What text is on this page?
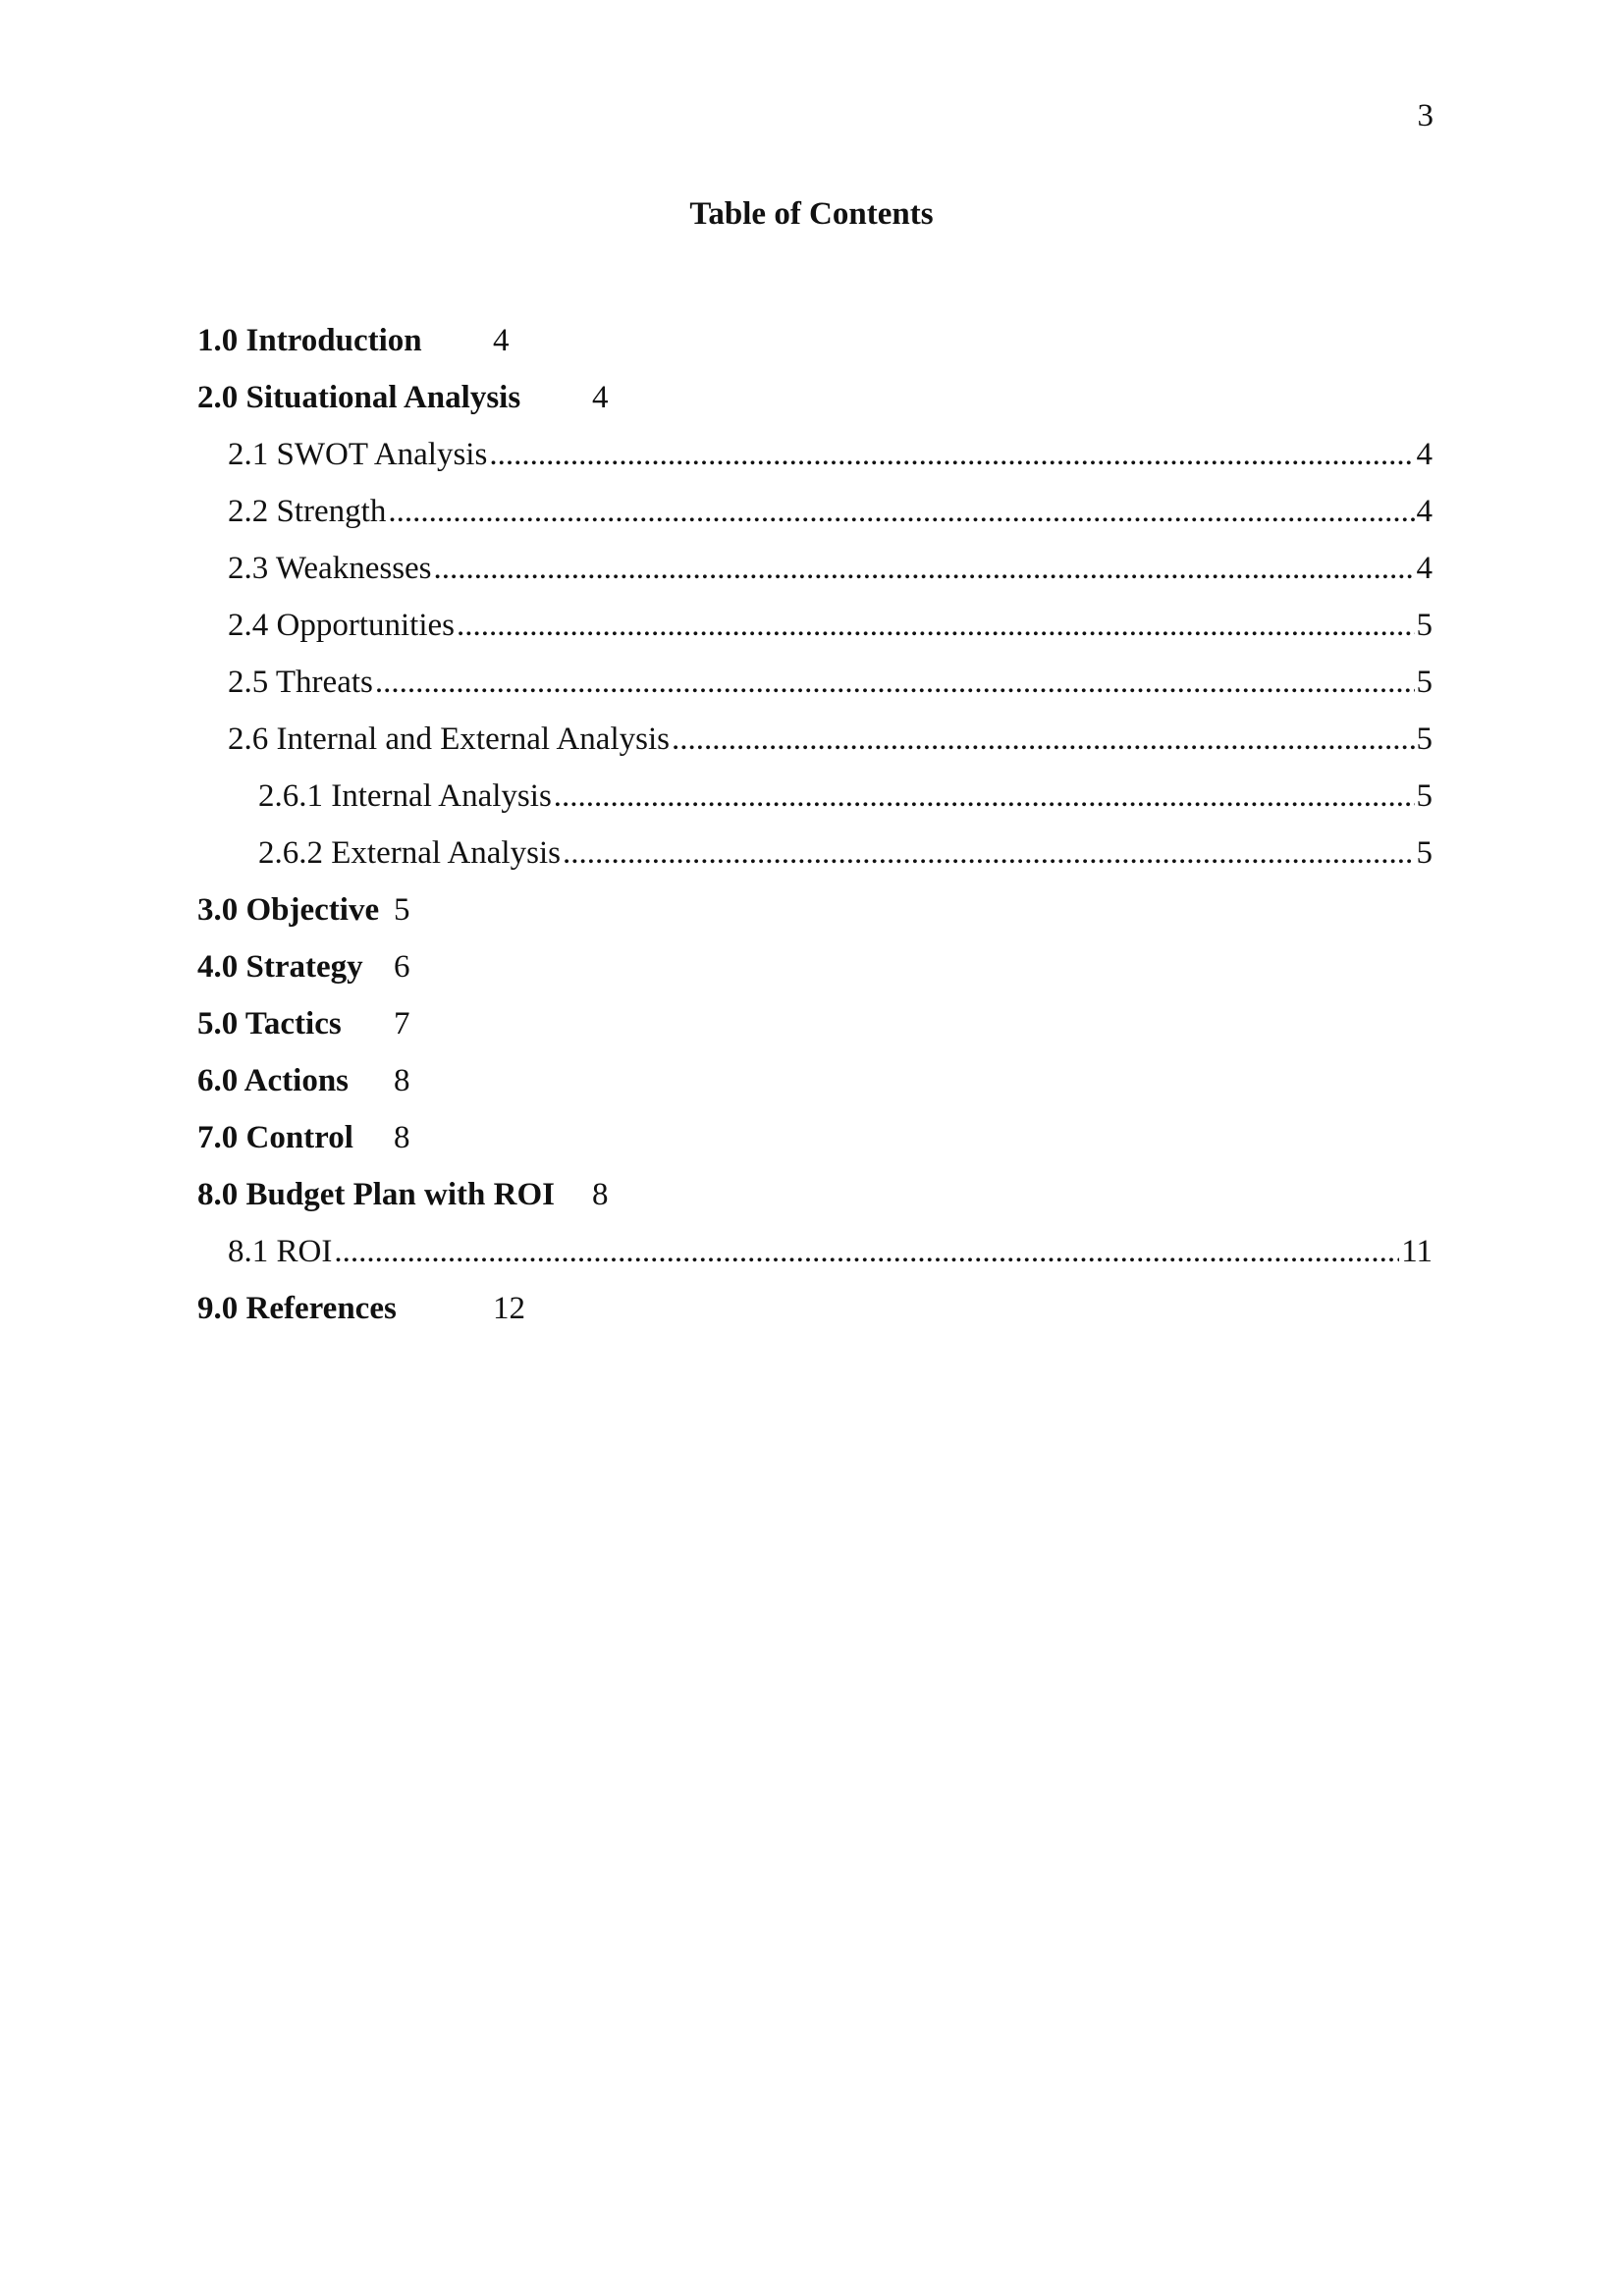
3
Table of Contents
1.0 Introduction	4
2.0 Situational Analysis	4
2.1 SWOT Analysis .....	4
2.2 Strength .....	4
2.3 Weaknesses .....	4
2.4 Opportunities .....	5
2.5 Threats .....	5
2.6 Internal and External Analysis .....	5
2.6.1 Internal Analysis .....	5
2.6.2 External Analysis .....	5
3.0 Objective 5
4.0 Strategy 6
5.0 Tactics	7
6.0 Actions	8
7.0 Control	8
8.0 Budget Plan with ROI	8
8.1 ROI .....	11
9.0 References	12
